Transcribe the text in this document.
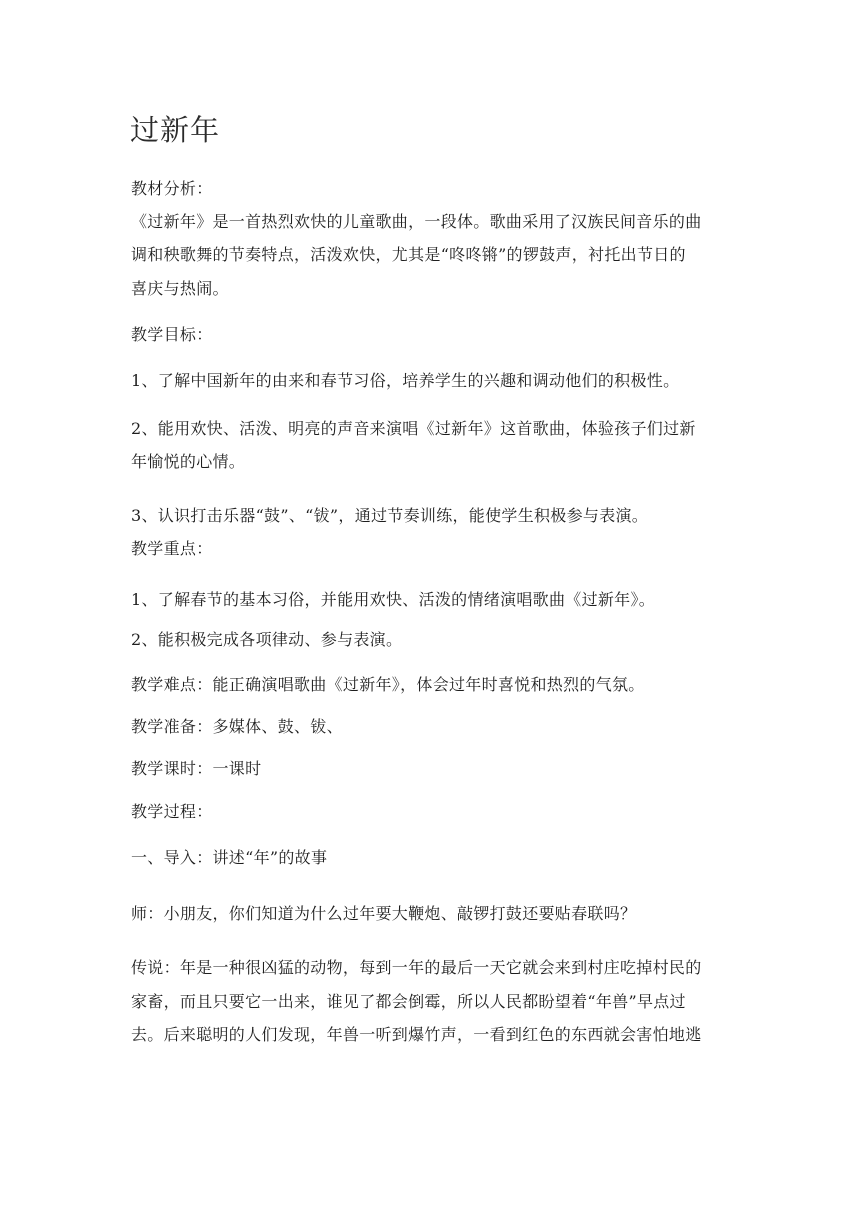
过新年
教材分析：
《过新年》是一首热烈欢快的儿童歌曲，一段体。歌曲采用了汉族民间音乐的曲
调和秧歌舞的节奏特点，活泼欢快，尤其是“咚咚锵”的锣鼓声，衬托出节日的
喜庆与热闹。
教学目标：
1、了解中国新年的由来和春节习俗，培养学生的兴趣和调动他们的积极性。
2、能用欢快、活泼、明亮的声音来演唱《过新年》这首歌曲，体验孩子们过新
年愉悦的心情。
3、认识打击乐器“鼓”、“钹”，通过节奏训练，能使学生积极参与表演。
教学重点：
1、了解春节的基本习俗，并能用欢快、活泼的情绪演唱歌曲《过新年》。
2、能积极完成各项律动、参与表演。
教学难点：能正确演唱歌曲《过新年》，体会过年时喜悦和热烈的气氛。
教学准备：多媒体、鼓、钹、
教学课时：一课时
教学过程：
一、导入：讲述“年”的故事
师：小朋友，你们知道为什么过年要大鞭炮、敲锣打鼓还要贴春联吗？
传说：年是一种很凶猛的动物，每到一年的最后一天它就会来到村庄吃掉村民的
家畜，而且只要它一出来，谁见了都会倒霉，所以人民都盼望着“年兽”早点过
去。后来聪明的人们发现，年兽一听到爆竹声，一看到红色的东西就会害怕地逃
